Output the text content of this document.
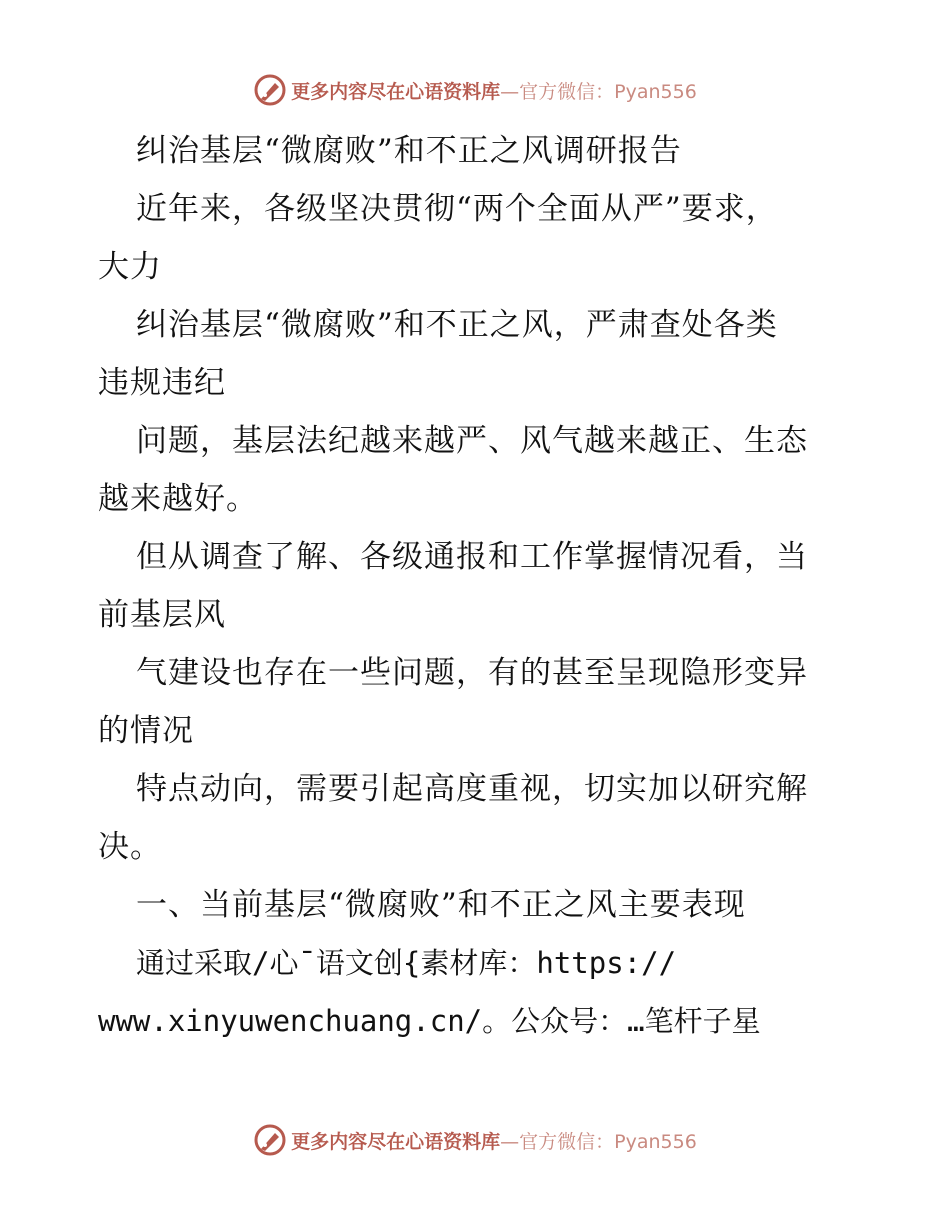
更多内容尽在心语资料库 —官方微信：Pyan556
纠治基层“微腐败”和不正之风调研报告
近年来，各级坚决贯彻“两个全面从严”要求，
大力
纠治基层“微腐败”和不正之风，严肃查处各类
违规违纪
问题，基层法纪越来越严、风气越来越正、生态
越来越好。
但从调查了解、各级通报和工作掌握情况看，当
前基层风
气建设也存在一些问题，有的甚至呈现隐形变异
的情况
特点动向，需要引起高度重视，切实加以研究解
决。
一、当前基层“微腐败”和不正之风主要表现
通过采取/心¯语文创{素材库：https://
www.xinyuwenchuang.cn/。公众号：…笔杆子星
更多内容尽在心语资料库 —官方微信：Pyan556
